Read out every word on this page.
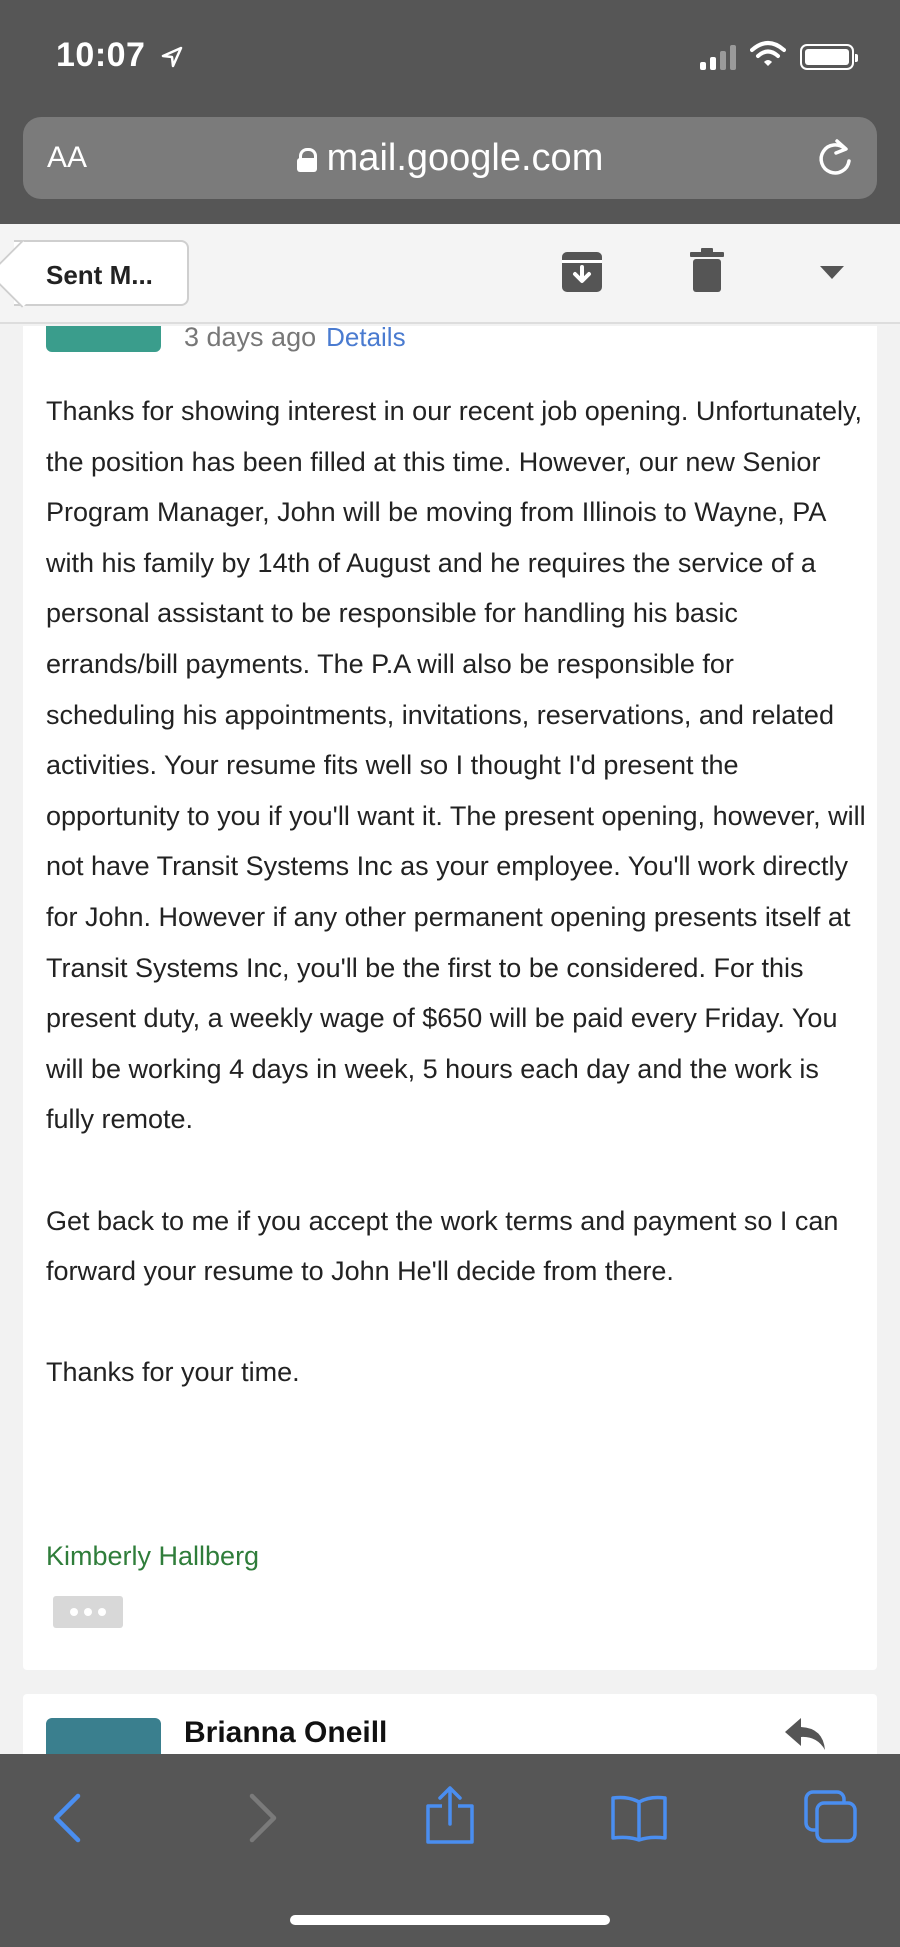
10:07
AA	mail.google.com
Sent M...
3 days ago Details

Thanks for showing interest in our recent job opening. Unfortunately, the position has been filled at this time. However, our new Senior Program Manager, John will be moving from Illinois to Wayne, PA with his family by 14th of August and he requires the service of a personal assistant to be responsible for handling his basic errands/bill payments. The P.A will also be responsible for scheduling his appointments, invitations, reservations, and related activities. Your resume fits well so I thought I'd present the opportunity to you if you'll want it. The present opening, however, will not have Transit Systems Inc as your employee. You'll work directly for John. However if any other permanent opening presents itself at Transit Systems Inc, you'll be the first to be considered. For this present duty, a weekly wage of $650 will be paid every Friday. You will be working 4 days in week, 5 hours each day and the work is fully remote.

Get back to me if you accept the work terms and payment so I can forward your resume to John He'll decide from there.

Thanks for your time.

Kimberly Hallberg
Brianna Oneill
